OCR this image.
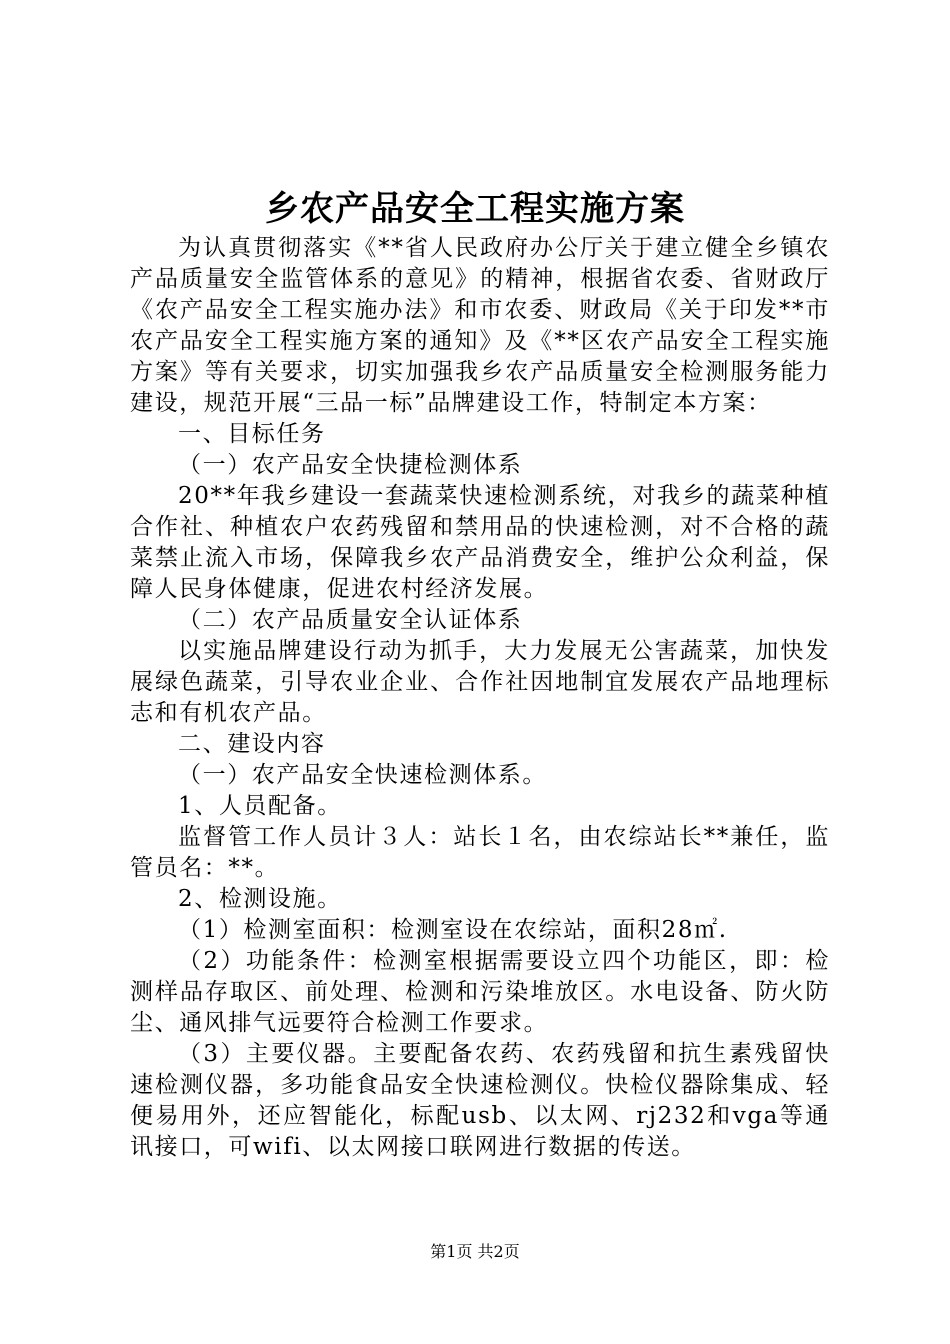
乡农产品安全工程实施方案

为认真贯彻落实《**省人民政府办公厅关于建立健全乡镇农产品质量安全监管体系的意见》的精神，根据省农委、省财政厅《农产品安全工程实施办法》和市农委、财政局《关于印发**市农产品安全工程实施方案的通知》及《**区农产品安全工程实施方案》等有关要求，切实加强我乡农产品质量安全检测服务能力建设，规范开展“三品一标”品牌建设工作，特制定本方案：

一、目标任务

（一）农产品安全快捷检测体系

20**年我乡建设一套蔬菜快速检测系统，对我乡的蔬菜种植合作社、种植农户农药残留和禁用品的快速检测，对不合格的蔬菜禁止流入市场，保障我乡农产品消费安全，维护公众利益，保障人民身体健康，促进农村经济发展。

（二）农产品质量安全认证体系

以实施品牌建设行动为抓手，大力发展无公害蔬菜，加快发展绿色蔬菜，引导农业企业、合作社因地制宜发展农产品地理标志和有机农产品。

二、建设内容

（一）农产品安全快速检测体系。

1、人员配备。

监督管工作人员计３人：站长１名，由农综站长**兼任，监管员名：**。

2、检测设施。

（1）检测室面积：检测室设在农综站，面积28㎡.

（2）功能条件：检测室根据需要设立四个功能区，即：检测样品存取区、前处理、检测和污染堆放区。水电设备、防火防尘、通风排气远要符合检测工作要求。

（3）主要仪器。主要配备农药、农药残留和抗生素残留快速检测仪器，多功能食品安全快速检测仪。快检仪器除集成、轻便易用外，还应智能化，标配usb、以太网、rj232和vga等通讯接口，可wifi、以太网接口联网进行数据的传送。

第1页 共2页
